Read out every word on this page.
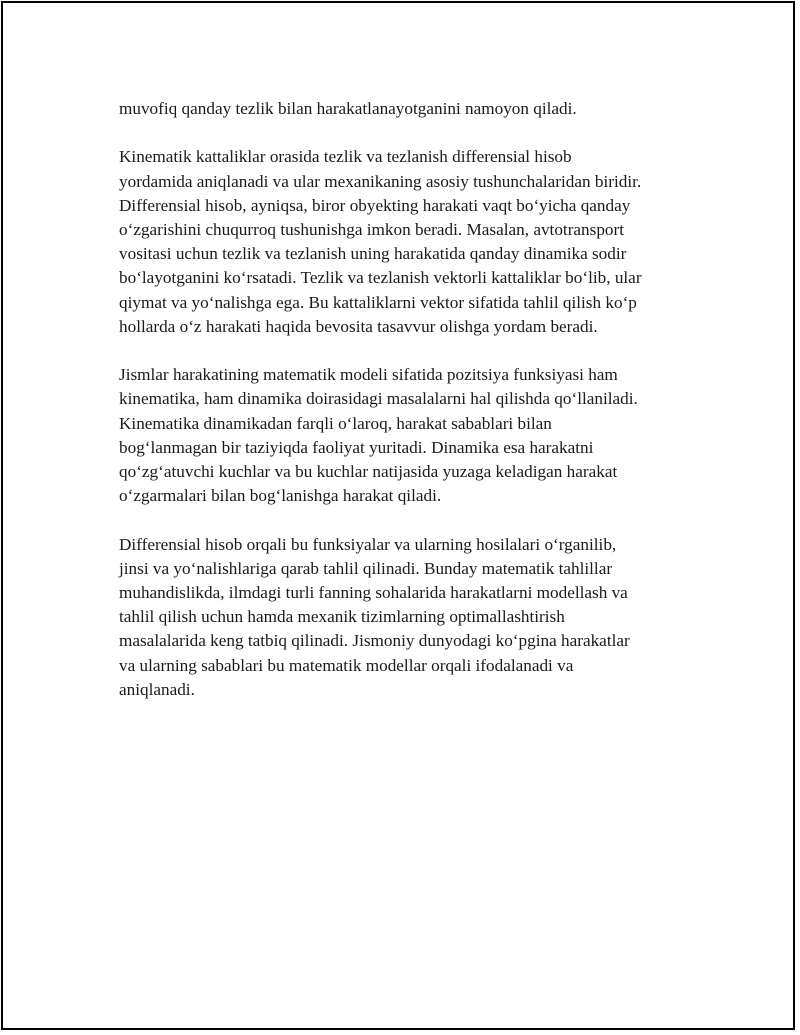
muvofiq qanday tezlik bilan harakatlanayotganini namoyon qiladi.

Kinematik kattaliklar orasida tezlik va tezlanish differensial hisob
yordamida aniqlanadi va ular mexanikaning asosiy tushunchalaridan biridir.
Differensial hisob, ayniqsa, biror obyekting harakati vaqt bo‘yicha qanday
o‘zgarishini chuqurroq tushunishga imkon beradi. Masalan, avtotransport
vositasi uchun tezlik va tezlanish uning harakatida qanday dinamika sodir
bo‘layotganini ko‘rsatadi. Tezlik va tezlanish vektorli kattaliklar bo‘lib, ular
qiymat va yo‘nalishga ega. Bu kattaliklarni vektor sifatida tahlil qilish ko‘p
hollarda o‘z harakati haqida bevosita tasavvur olishga yordam beradi.

Jismlar harakatining matematik modeli sifatida pozitsiya funksiyasi ham
kinematika, ham dinamika doirasidagi masalalarni hal qilishda qo‘llaniladi.
Kinematika dinamikadan farqli o‘laroq, harakat sabablari bilan
bog‘lanmagan bir taziyiqda faoliyat yuritadi. Dinamika esa harakatni
qo‘zg‘atuvchi kuchlar va bu kuchlar natijasida yuzaga keladigan harakat
o‘zgarmalari bilan bog‘lanishga harakat qiladi.

Differensial hisob orqali bu funksiyalar va ularning hosilalari o‘rganilib,
jinsi va yo‘nalishlariga qarab tahlil qilinadi. Bunday matematik tahlillar
muhandislikda, ilmdagi turli fanning sohalarida harakatlarni modellash va
tahlil qilish uchun hamda mexanik tizimlarning optimallashtirish
masalalarida keng tatbiq qilinadi. Jismoniy dunyodagi ko‘pgina harakatlar
va ularning sabablari bu matematik modellar orqali ifodalanadi va
aniqlanadi.
